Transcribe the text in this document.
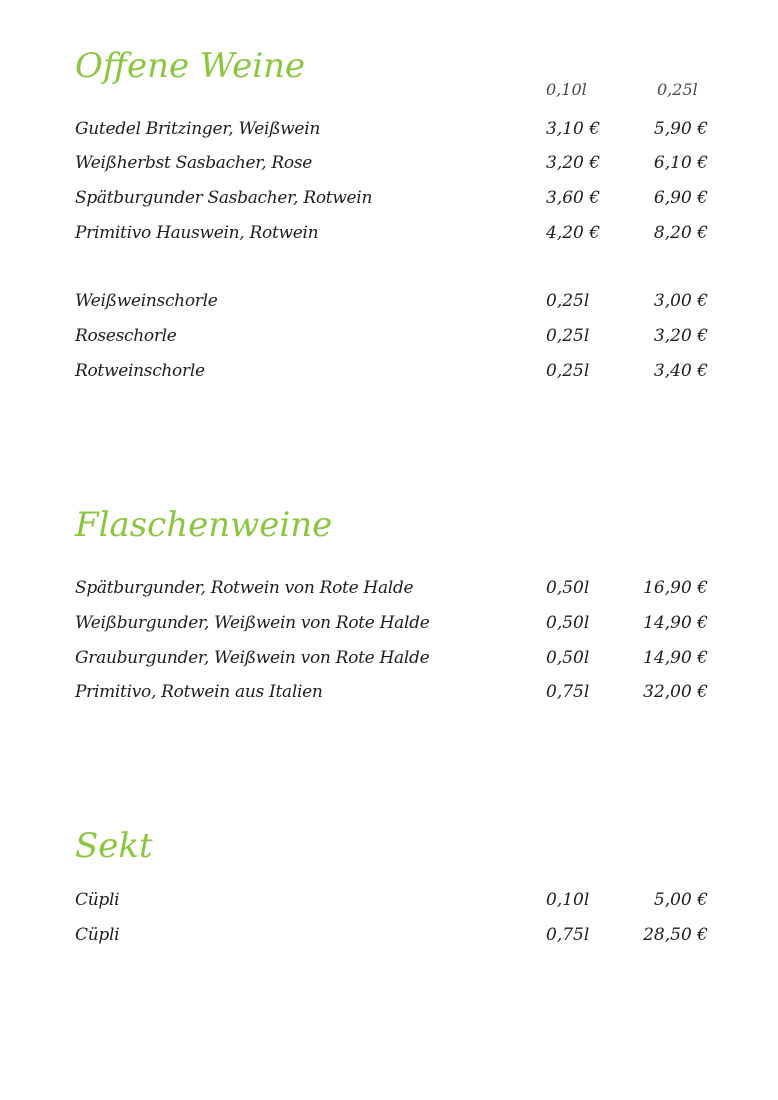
Offene Weine
0,10l	0,25l
Gutedel Britzinger, Weißwein	3,10 €	5,90 €
Weißherbst Sasbacher, Rose	3,20 €	6,10 €
Spätburgunder Sasbacher, Rotwein	3,60 €	6,90 €
Primitivo Hauswein, Rotwein	4,20 €	8,20 €
Weißweinschorle	0,25l	3,00 €
Roseschorle	0,25l	3,20 €
Rotweinschorle	0,25l	3,40 €
Flaschenweine
Spätburgunder, Rotwein von Rote Halde	0,50l	16,90 €
Weißburgunder, Weißwein von Rote Halde	0,50l	14,90 €
Grauburgunder, Weißwein von Rote Halde	0,50l	14,90 €
Primitivo, Rotwein aus Italien	0,75l	32,00 €
Sekt
Cüpli	0,10l	5,00 €
Cüpli	0,75l	28,50 €
